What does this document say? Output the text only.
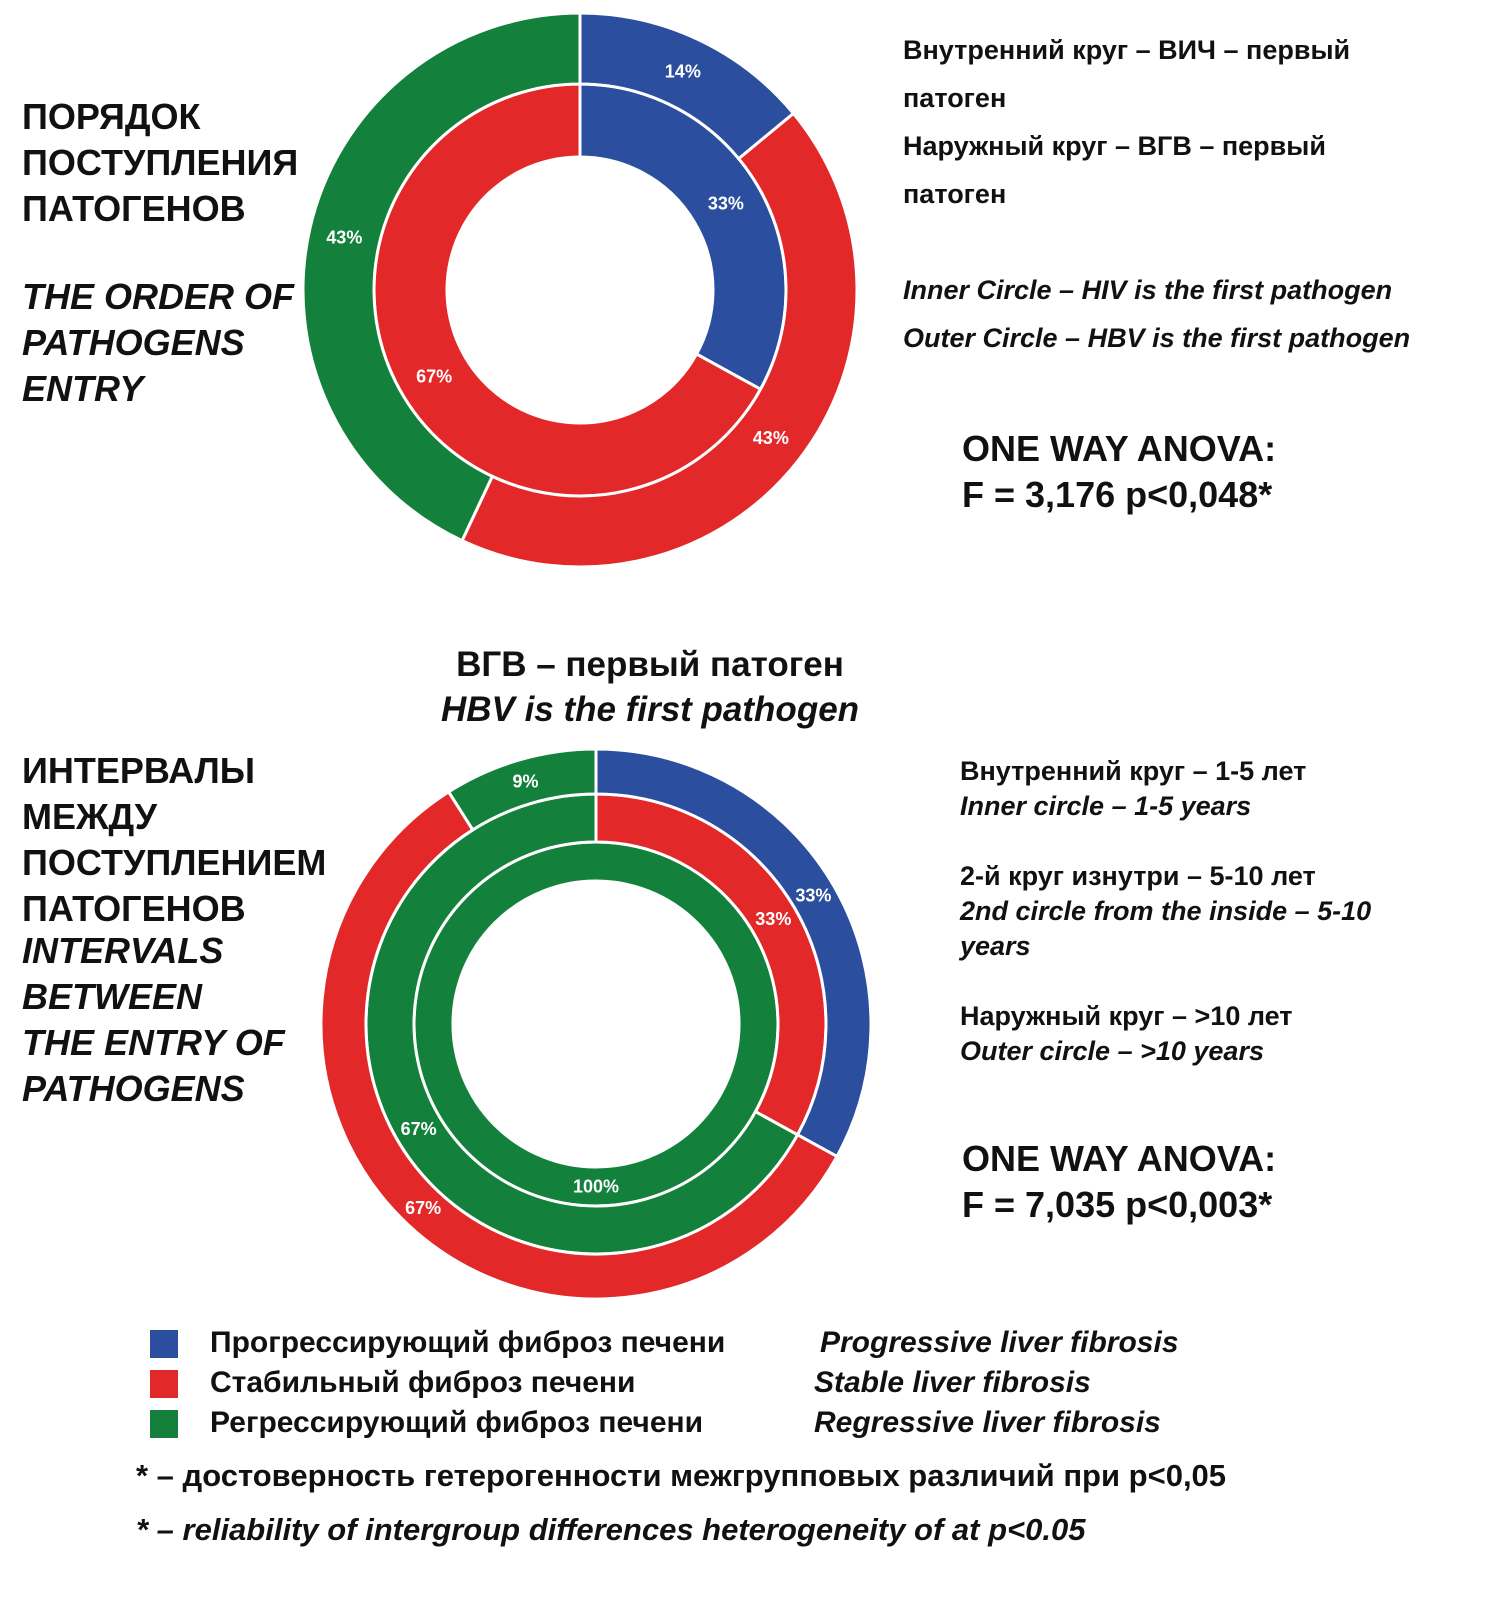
ПОРЯДОК
ПОСТУПЛЕНИЯ
ПАТОГЕНОВ
THE ORDER OF
PATHOGENS
ENTRY
33%
67%
14%
43%
43%
Внутренний круг – ВИЧ – первый
патоген
Наружный круг – ВГВ – первый
патоген
Inner Circle – HIV is the first pathogen
Outer Circle – HBV is the first pathogen
ONE WAY ANOVA:
F = 3,176 p<0,048*
ВГВ – первый патоген
HBV is the first pathogen
ИНТЕРВАЛЫ
МЕЖДУ
ПОСТУПЛЕНИЕМ
ПАТОГЕНОВ
INTERVALS
BETWEEN
THE ENTRY OF
PATHOGENS
100%
33%
67%
33%
67%
9%	Внутренний круг – 1-5 лет
Inner circle – 1-5 years
2-й круг изнутри – 5-10 лет
2nd circle from the inside – 5-10
years
Наружный круг – >10 лет
Outer circle – >10 years
ONE WAY ANOVA:
F = 7,035 p<0,003*
Прогрессирующий фиброз печени	Progressive liver fibrosis
Стабильный фиброз печени	Stable liver fibrosis
Регрессирующий фиброз печени	Regressive liver fibrosis
* – достоверность гетерогенности межгрупповых различий при p<0,05
* – reliability of intergroup differences heterogeneity of at p<0.05
